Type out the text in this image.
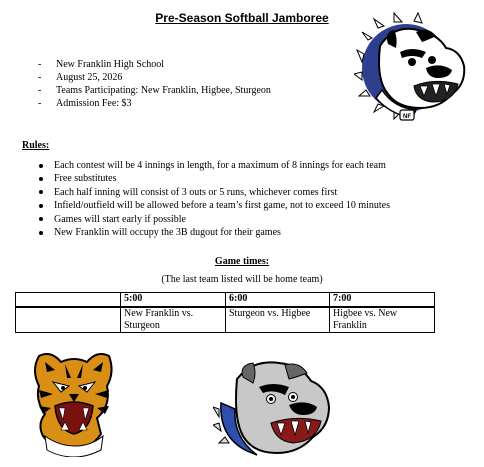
Pre-Season Softball Jamboree
- New Franklin High School
- August 25, 2026
- Teams Participating: New Franklin, Higbee, Sturgeon
- Admission Fee: $3
Rules:
Each contest will be 4 innings in length, for a maximum of 8 innings for each team
Free substitutes
Each half inning will consist of 3 outs or 5 runs, whichever comes first
Infield/outfield will be allowed before a team’s first game, not to exceed 10 minutes
Games will start early if possible
New Franklin will occupy the 3B dugout for their games
Game times:
(The last team listed will be home team)
	5:00	6:00	7:00
	New Franklin vs. Sturgeon	Sturgeon vs. Higbee	Higbee vs. New Franklin
NF
